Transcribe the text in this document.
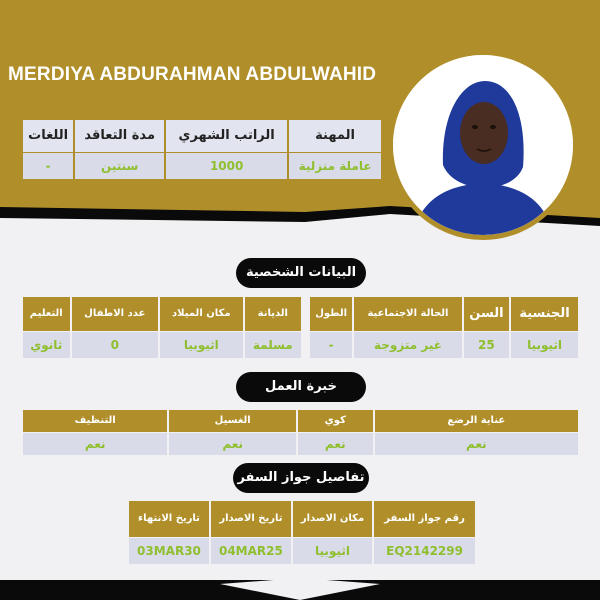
MERDIYA ABDURAHMAN ABDULWAHID
اللغات	مدة التعاقد	الراتب الشهري	المهنة
-	سنتين	1000	عاملة منزلية
البيانات الشخصية
الطول	الحالة الاجتماعية	السن	الجنسية
-	غير متزوجة	25	اثيوبيا
التعليم	عدد الاطفال	مكان الميلاد	الديانة
ثانوي	0	اثيوبيا	مسلمة
خبرة العمل
التنظيف	الغسيل	كوي	عناية الرضع
نعم	نعم	نعم	نعم
تفاصيل جواز السفر
تاريخ الانتهاء	تاريخ الاصدار	مكان الاصدار	رقم جواز السفر
03MAR30	04MAR25	اثيوبيا	EQ2142299
